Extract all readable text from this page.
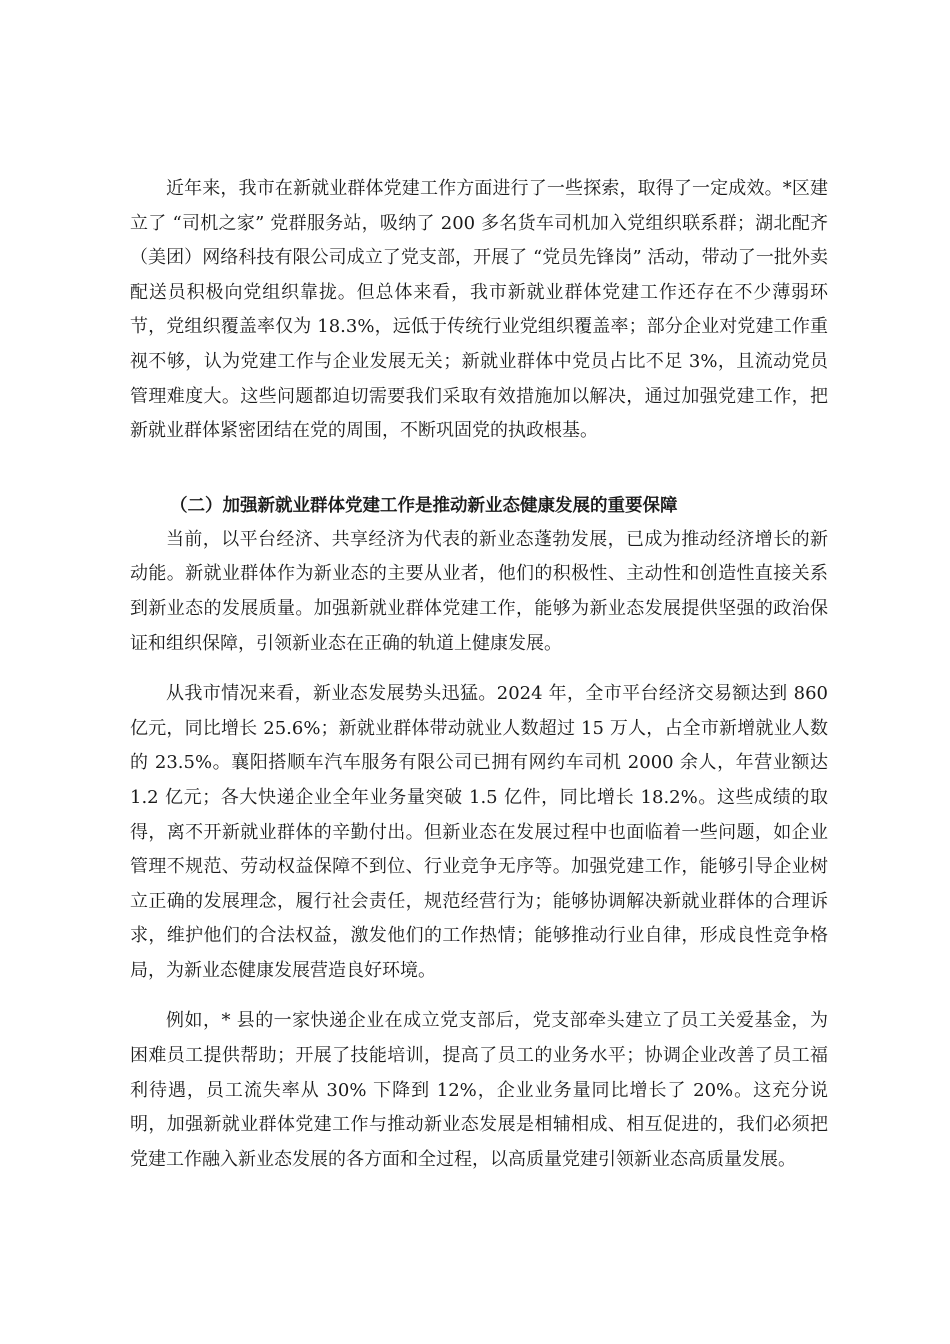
近年来，我市在新就业群体党建工作方面进行了一些探索，取得了一定成效。*区建立了 “司机之家” 党群服务站，吸纳了 200 多名货车司机加入党组织联系群；湖北配齐（美团）网络科技有限公司成立了党支部，开展了 “党员先锋岗” 活动，带动了一批外卖配送员积极向党组织靠拢。但总体来看，我市新就业群体党建工作还存在不少薄弱环节，党组织覆盖率仅为 18.3%，远低于传统行业党组织覆盖率；部分企业对党建工作重视不够，认为党建工作与企业发展无关；新就业群体中党员占比不足 3%，且流动党员管理难度大。这些问题都迫切需要我们采取有效措施加以解决，通过加强党建工作，把新就业群体紧密团结在党的周围，不断巩固党的执政根基。

（二）加强新就业群体党建工作是推动新业态健康发展的重要保障

当前，以平台经济、共享经济为代表的新业态蓬勃发展，已成为推动经济增长的新动能。新就业群体作为新业态的主要从业者，他们的积极性、主动性和创造性直接关系到新业态的发展质量。加强新就业群体党建工作，能够为新业态发展提供坚强的政治保证和组织保障，引领新业态在正确的轨道上健康发展。

从我市情况来看，新业态发展势头迅猛。2024 年，全市平台经济交易额达到 860 亿元，同比增长 25.6%；新就业群体带动就业人数超过 15 万人，占全市新增就业人数的 23.5%。襄阳搭顺车汽车服务有限公司已拥有网约车司机 2000 余人，年营业额达 1.2 亿元；各大快递企业全年业务量突破 1.5 亿件，同比增长 18.2%。这些成绩的取得，离不开新就业群体的辛勤付出。但新业态在发展过程中也面临着一些问题，如企业管理不规范、劳动权益保障不到位、行业竞争无序等。加强党建工作，能够引导企业树立正确的发展理念，履行社会责任，规范经营行为；能够协调解决新就业群体的合理诉求，维护他们的合法权益，激发他们的工作热情；能够推动行业自律，形成良性竞争格局，为新业态健康发展营造良好环境。

例如，* 县的一家快递企业在成立党支部后，党支部牵头建立了员工关爱基金，为困难员工提供帮助；开展了技能培训，提高了员工的业务水平；协调企业改善了员工福利待遇，员工流失率从 30% 下降到 12%，企业业务量同比增长了 20%。这充分说明，加强新就业群体党建工作与推动新业态发展是相辅相成、相互促进的，我们必须把党建工作融入新业态发展的各方面和全过程，以高质量党建引领新业态高质量发展。
